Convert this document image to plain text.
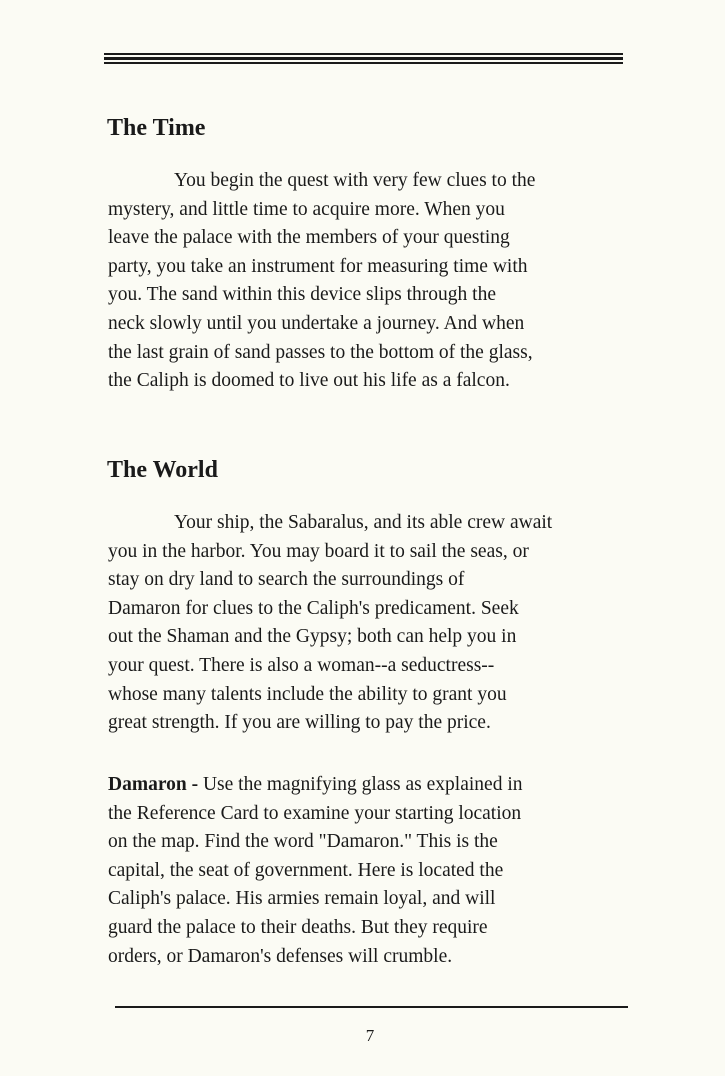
The Time
You begin the quest with very few clues to the
mystery, and little time to acquire more. When you
leave the palace with the members of your questing
party, you take an instrument for measuring time with
you. The sand within this device slips through the
neck slowly until you undertake a journey. And when
the last grain of sand passes to the bottom of the glass,
the Caliph is doomed to live out his life as a falcon.
The World
Your ship, the Sabaralus, and its able crew await
you in the harbor. You may board it to sail the seas, or
stay on dry land to search the surroundings of
Damaron for clues to the Caliph's predicament. Seek
out the Shaman and the Gypsy; both can help you in
your quest. There is also a woman--a seductress--
whose many talents include the ability to grant you
great strength. If you are willing to pay the price.
Damaron - Use the magnifying glass as explained in
the Reference Card to examine your starting location
on the map. Find the word "Damaron." This is the
capital, the seat of government. Here is located the
Caliph's palace. His armies remain loyal, and will
guard the palace to their deaths. But they require
orders, or Damaron's defenses will crumble.
7
